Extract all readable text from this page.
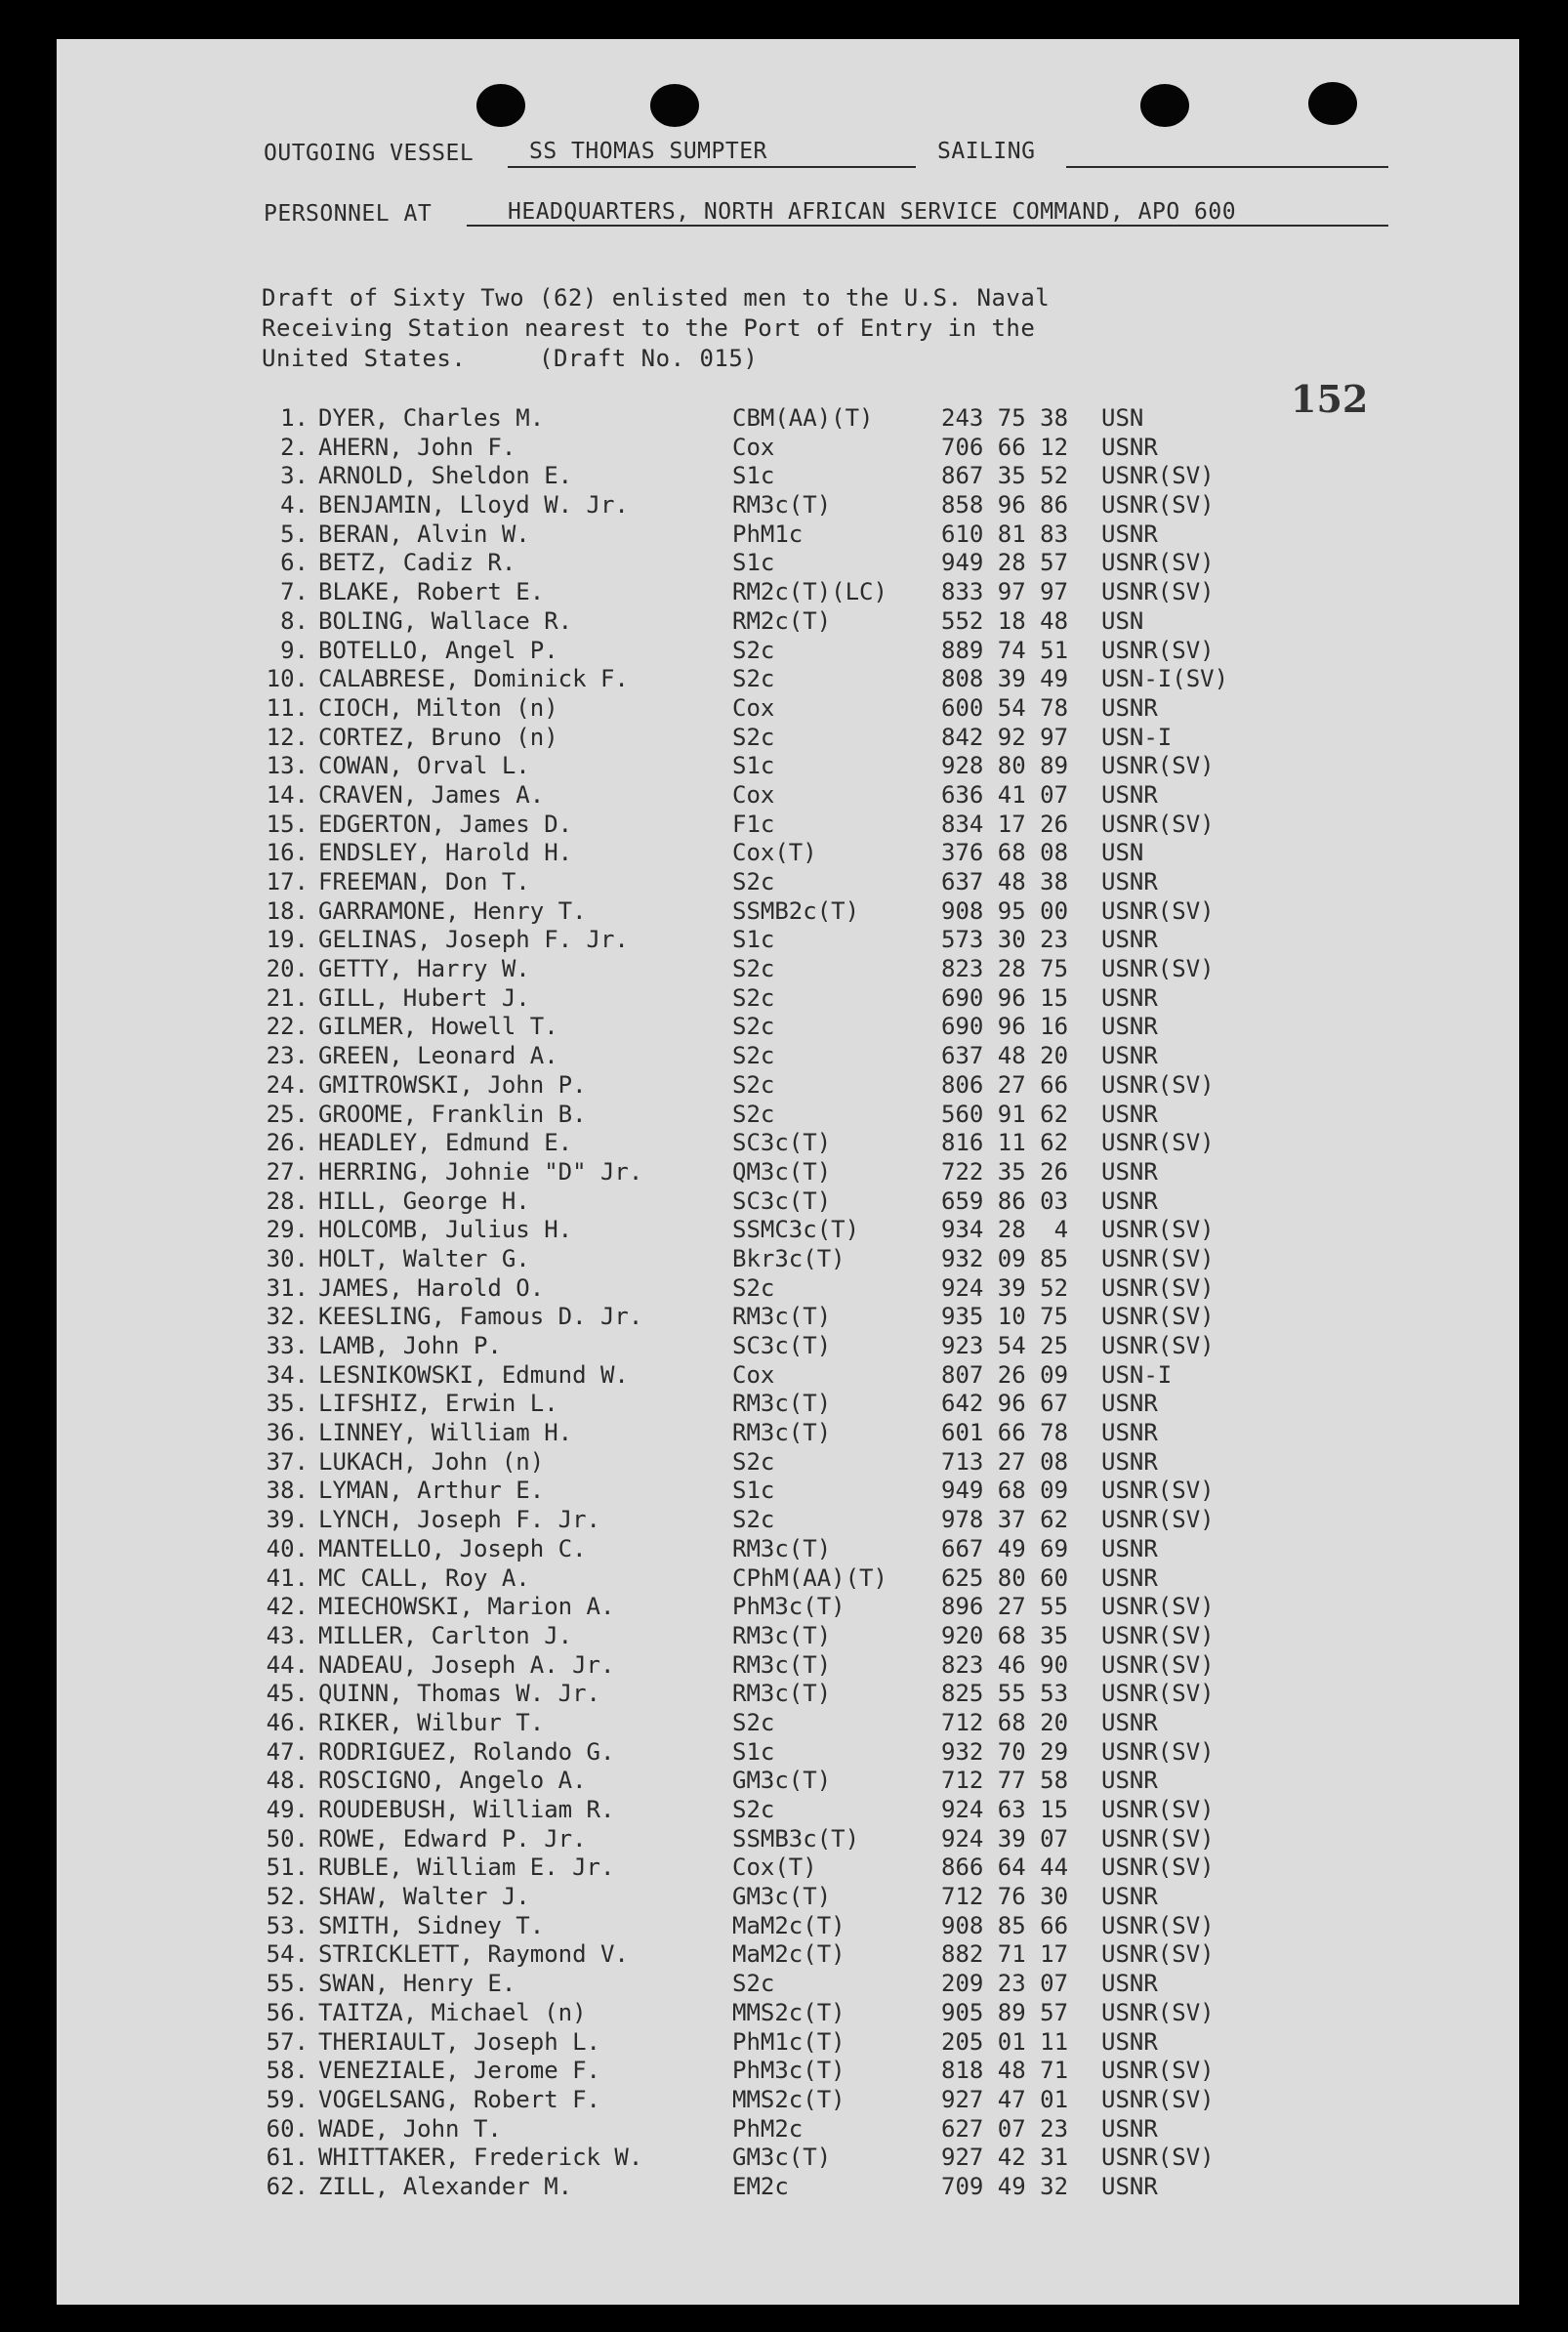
OUTGOING VESSEL SS THOMAS SUMPTER	SAILING
PERSONNEL AT	HEADQUARTERS, NORTH AFRICAN SERVICE COMMAND, APO 600
Draft of Sixty Two (62) enlisted men to the U.S. Naval
Receiving Station nearest to the Port of Entry in the
United States.     (Draft No. 015)
152
1. DYER, Charles M.	CBM(AA)(T)	243 75 38 USN
2. AHERN, John F.	Cox	706 66 12 USNR
3. ARNOLD, Sheldon E.	S1c	867 35 52 USNR(SV)
4. BENJAMIN, Lloyd W. Jr.	RM3c(T)	858 96 86 USNR(SV)
5. BERAN, Alvin W.	PhM1c	610 81 83 USNR
6. BETZ, Cadiz R.	S1c	949 28 57 USNR(SV)
7. BLAKE, Robert E.	RM2c(T)(LC) 833 97 97 USNR(SV)
8. BOLING, Wallace R.	RM2c(T)	552 18 48 USN
9. BOTELLO, Angel P.	S2c	889 74 51 USNR(SV)
10. CALABRESE, Dominick F.	S2c	808 39 49 USN-I(SV)
11. CIOCH, Milton (n)	Cox	600 54 78 USNR
12. CORTEZ, Bruno (n)	S2c	842 92 97 USN-I
13. COWAN, Orval L.	S1c	928 80 89 USNR(SV)
14. CRAVEN, James A.	Cox	636 41 07 USNR
15. EDGERTON, James D.	F1c	834 17 26 USNR(SV)
16. ENDSLEY, Harold H.	Cox(T)	376 68 08 USN
17. FREEMAN, Don T.	S2c	637 48 38 USNR
18. GARRAMONE, Henry T.	SSMB2c(T)	908 95 00 USNR(SV)
19. GELINAS, Joseph F. Jr.	S1c	573 30 23 USNR
20. GETTY, Harry W.	S2c	823 28 75 USNR(SV)
21. GILL, Hubert J.	S2c	690 96 15 USNR
22. GILMER, Howell T.	S2c	690 96 16 USNR
23. GREEN, Leonard A.	S2c	637 48 20 USNR
24. GMITROWSKI, John P.	S2c	806 27 66 USNR(SV)
25. GROOME, Franklin B.	S2c	560 91 62 USNR
26. HEADLEY, Edmund E.	SC3c(T)	816 11 62 USNR(SV)
27. HERRING, Johnie "D" Jr.	QM3c(T)	722 35 26 USNR
28. HILL, George H.	SC3c(T)	659 86 03 USNR
29. HOLCOMB, Julius H.	SSMC3c(T)	934 28  4 USNR(SV)
30. HOLT, Walter G.	Bkr3c(T)	932 09 85 USNR(SV)
31. JAMES, Harold O.	S2c	924 39 52 USNR(SV)
32. KEESLING, Famous D. Jr.	RM3c(T)	935 10 75 USNR(SV)
33. LAMB, John P.	SC3c(T)	923 54 25 USNR(SV)
34. LESNIKOWSKI, Edmund W.	Cox	807 26 09 USN-I
35. LIFSHIZ, Erwin L.	RM3c(T)	642 96 67 USNR
36. LINNEY, William H.	RM3c(T)	601 66 78 USNR
37. LUKACH, John (n)	S2c	713 27 08 USNR
38. LYMAN, Arthur E.	S1c	949 68 09 USNR(SV)
39. LYNCH, Joseph F. Jr.	S2c	978 37 62 USNR(SV)
40. MANTELLO, Joseph C.	RM3c(T)	667 49 69 USNR
41. MC CALL, Roy A.	CPhM(AA)(T) 625 80 60 USNR
42. MIECHOWSKI, Marion A.	PhM3c(T)	896 27 55 USNR(SV)
43. MILLER, Carlton J.	RM3c(T)	920 68 35 USNR(SV)
44. NADEAU, Joseph A. Jr.	RM3c(T)	823 46 90 USNR(SV)
45. QUINN, Thomas W. Jr.	RM3c(T)	825 55 53 USNR(SV)
46. RIKER, Wilbur T.	S2c	712 68 20 USNR
47. RODRIGUEZ, Rolando G.	S1c	932 70 29 USNR(SV)
48. ROSCIGNO, Angelo A.	GM3c(T)	712 77 58 USNR
49. ROUDEBUSH, William R.	S2c	924 63 15 USNR(SV)
50. ROWE, Edward P. Jr.	SSMB3c(T)	924 39 07 USNR(SV)
51. RUBLE, William E. Jr.	Cox(T)	866 64 44 USNR(SV)
52. SHAW, Walter J.	GM3c(T)	712 76 30 USNR
53. SMITH, Sidney T.	MaM2c(T)	908 85 66 USNR(SV)
54. STRICKLETT, Raymond V.	MaM2c(T)	882 71 17 USNR(SV)
55. SWAN, Henry E.	S2c	209 23 07 USNR
56. TAITZA, Michael (n)	MMS2c(T)	905 89 57 USNR(SV)
57. THERIAULT, Joseph L.	PhM1c(T)	205 01 11 USNR
58. VENEZIALE, Jerome F.	PhM3c(T)	818 48 71 USNR(SV)
59. VOGELSANG, Robert F.	MMS2c(T)	927 47 01 USNR(SV)
60. WADE, John T.	PhM2c	627 07 23 USNR
61. WHITTAKER, Frederick W.	GM3c(T)	927 42 31 USNR(SV)
62. ZILL, Alexander M.	EM2c	709 49 32 USNR
